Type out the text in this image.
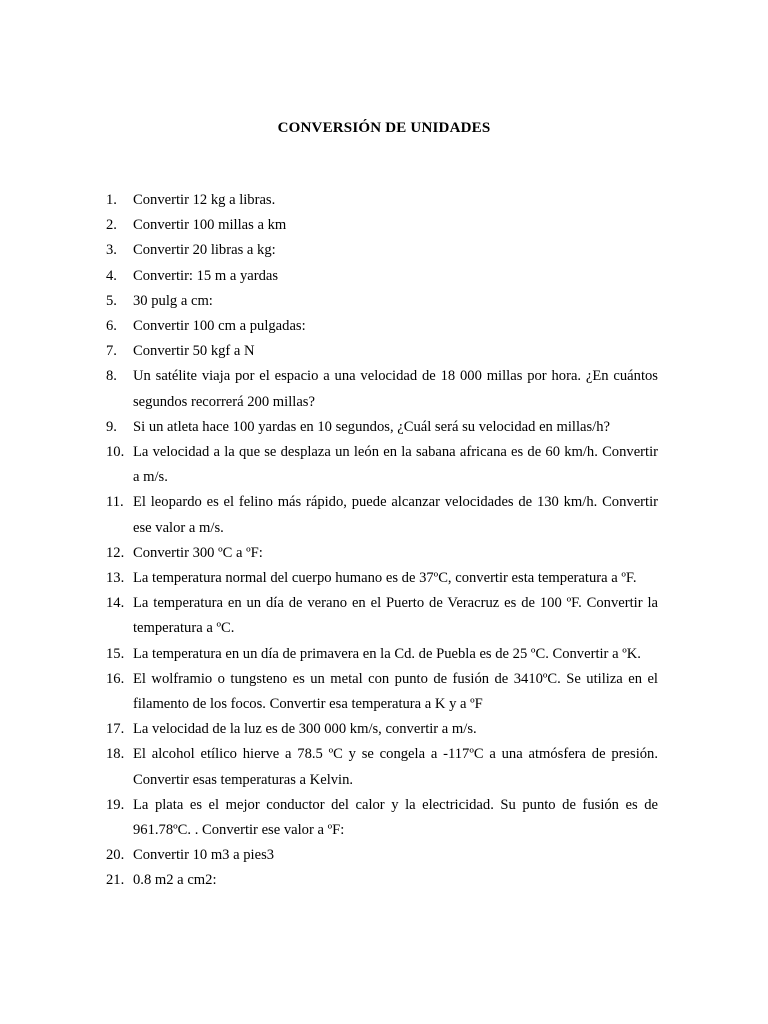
CONVERSIÓN DE UNIDADES
1.	Convertir 12 kg a libras.
2.	Convertir 100 millas a km
3.	Convertir 20 libras a kg:
4.	Convertir: 15 m a yardas
5.	30 pulg a cm:
6.	Convertir 100 cm a pulgadas:
7.	Convertir 50 kgf a N
8.	Un satélite viaja por el espacio a una velocidad de 18 000 millas por hora. ¿En cuántos segundos recorrerá 200 millas?
9.	Si un atleta hace 100 yardas en 10 segundos, ¿Cuál será su velocidad en millas/h?
10. La velocidad a la que se desplaza un león en la sabana africana es de 60 km/h. Convertir a m/s.
11. El leopardo es el felino más rápido, puede alcanzar velocidades de 130 km/h. Convertir ese valor a m/s.
12. Convertir 300 ºC a ºF:
13. La temperatura normal del cuerpo humano es de 37ºC, convertir esta temperatura a ºF.
14. La temperatura en un día de verano en el Puerto de Veracruz es de 100 ºF. Convertir la temperatura a ºC.
15. La temperatura en un día de primavera en la Cd. de Puebla es de 25 ºC. Convertir a ºK.
16. El wolframio o tungsteno es un metal con punto de fusión de 3410ºC. Se utiliza en el filamento de los focos. Convertir esa temperatura a K y a ºF
17. La velocidad de la luz es de 300 000 km/s, convertir a m/s.
18. El alcohol etílico hierve a 78.5 ºC y se congela a -117ºC a una atmósfera de presión. Convertir esas temperaturas a Kelvin.
19. La plata es el mejor conductor del calor y la electricidad. Su punto de fusión es de 961.78ºC. . Convertir ese valor a ºF:
20. Convertir 10 m3 a pies3
21. 0.8 m2 a cm2:
